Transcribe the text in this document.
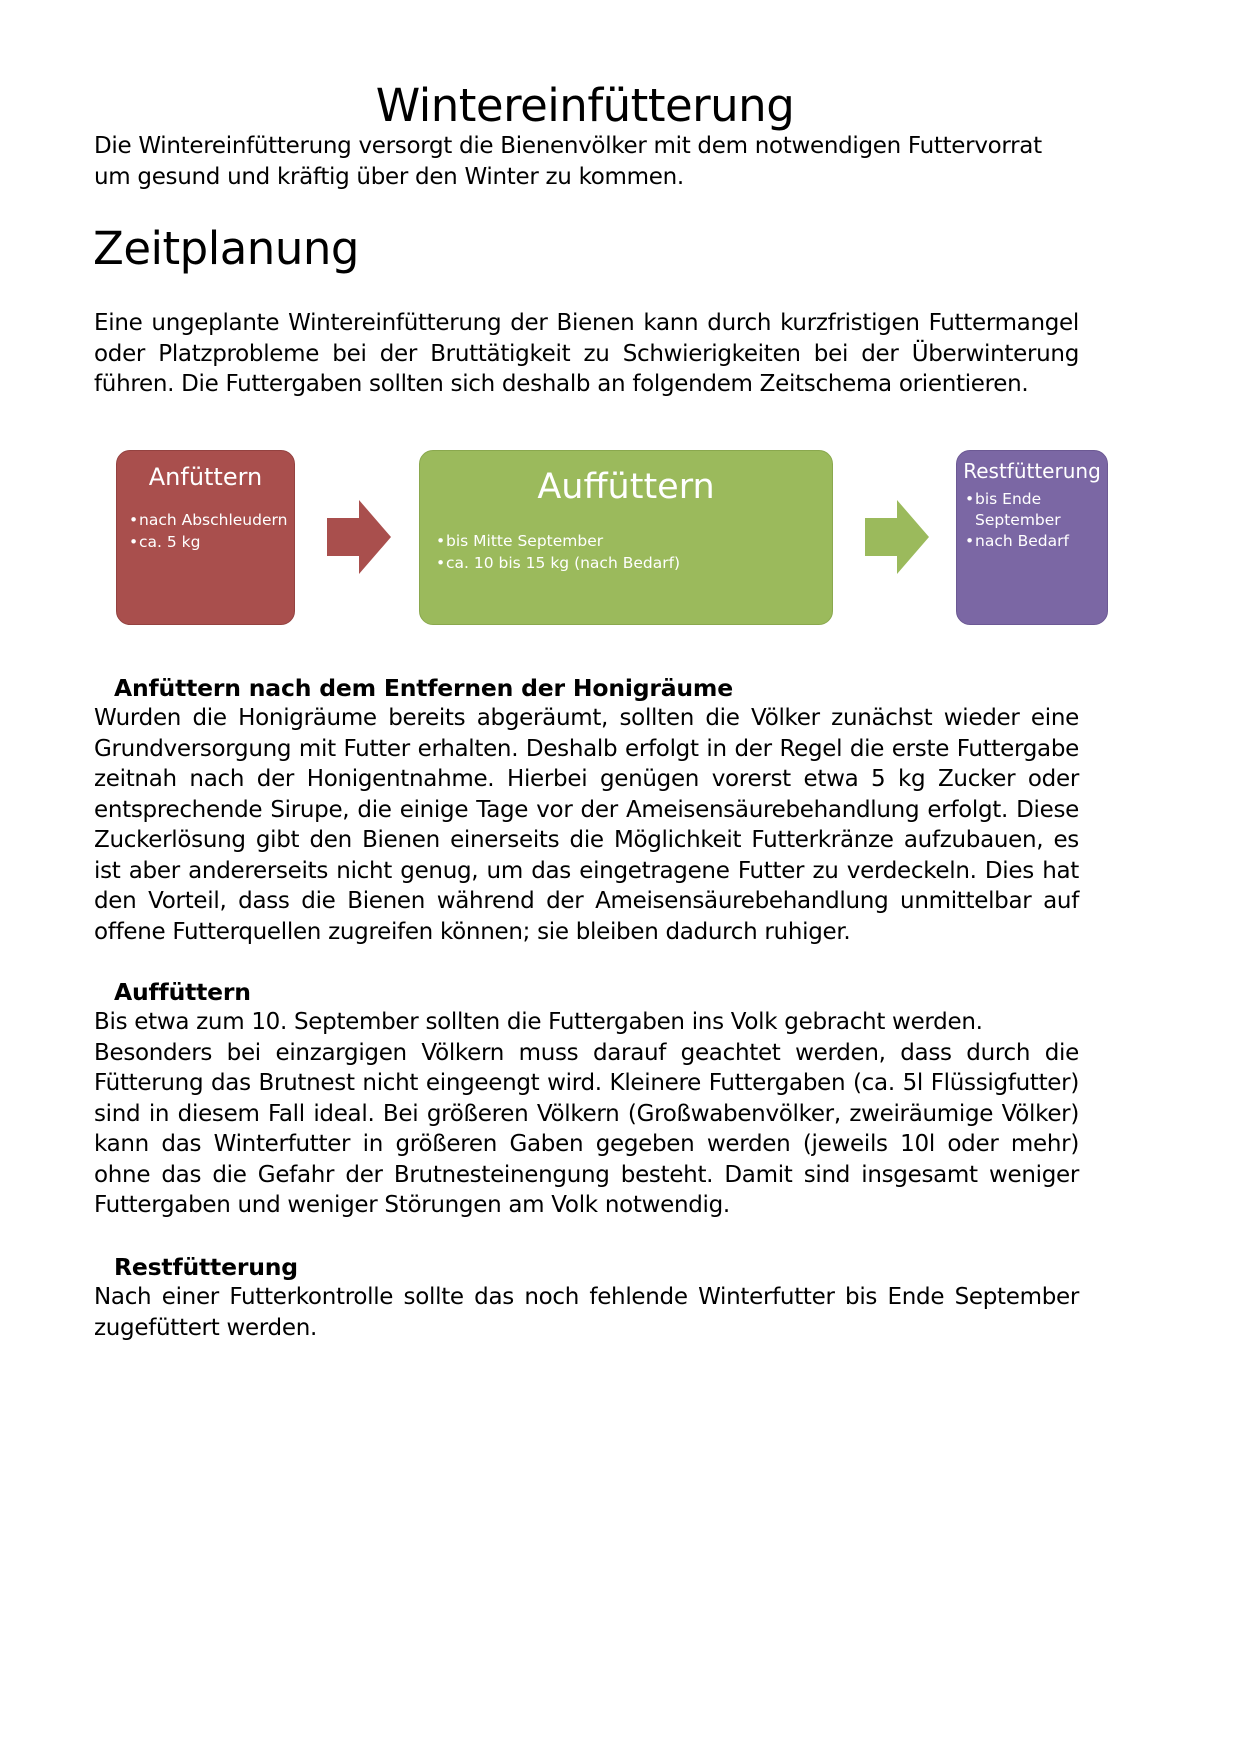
Wintereinfütterung

Die Wintereinfütterung versorgt die Bienenvölker mit dem notwendigen Futtervorrat um gesund und kräftig über den Winter zu kommen.

Zeitplanung

Eine ungeplante Wintereinfütterung der Bienen kann durch kurzfristigen Futtermangel oder Platzprobleme bei der Bruttätigkeit zu Schwierigkeiten bei der Überwinterung führen. Die Futtergaben sollten sich deshalb an folgendem Zeitschema orientieren.

Anfüttern
• nach Abschleudern
• ca. 5 kg
Auffüttern
• bis Mitte September
• ca. 10 bis 15 kg (nach Bedarf)
Restfütterung
• bis Ende September
• nach Bedarf
Anfüttern nach dem Entfernen der Honigräume

Wurden die Honigräume bereits abgeräumt, sollten die Völker zunächst wieder eine Grundversorgung mit Futter erhalten. Deshalb erfolgt in der Regel die erste Futtergabe zeitnah nach der Honigentnahme. Hierbei genügen vorerst etwa 5 kg Zucker oder entsprechende Sirupe, die einige Tage vor der Ameisensäurebehandlung erfolgt. Diese Zuckerlösung gibt den Bienen einerseits die Möglichkeit Futterkränze aufzubauen, es ist aber andererseits nicht genug, um das eingetragene Futter zu verdeckeln. Dies hat den Vorteil, dass die Bienen während der Ameisensäurebehandlung unmittelbar auf offene Futterquellen zugreifen können; sie bleiben dadurch ruhiger.

Auffüttern
Bis etwa zum 10. September sollten die Futtergaben ins Volk gebracht werden.
Besonders bei einzargigen Völkern muss darauf geachtet werden, dass durch die Fütterung das Brutnest nicht eingeengt wird. Kleinere Futtergaben (ca. 5l Flüssigfutter) sind in diesem Fall ideal. Bei größeren Völkern (Großwabenvölker, zweiräumige Völker) kann das Winterfutter in größeren Gaben gegeben werden (jeweils 10l oder mehr) ohne das die Gefahr der Brutnesteinengung besteht. Damit sind insgesamt weniger Futtergaben und weniger Störungen am Volk notwendig.
Restfütterung

Nach einer Futterkontrolle sollte das noch fehlende Winterfutter bis Ende September zugefüttert werden.
